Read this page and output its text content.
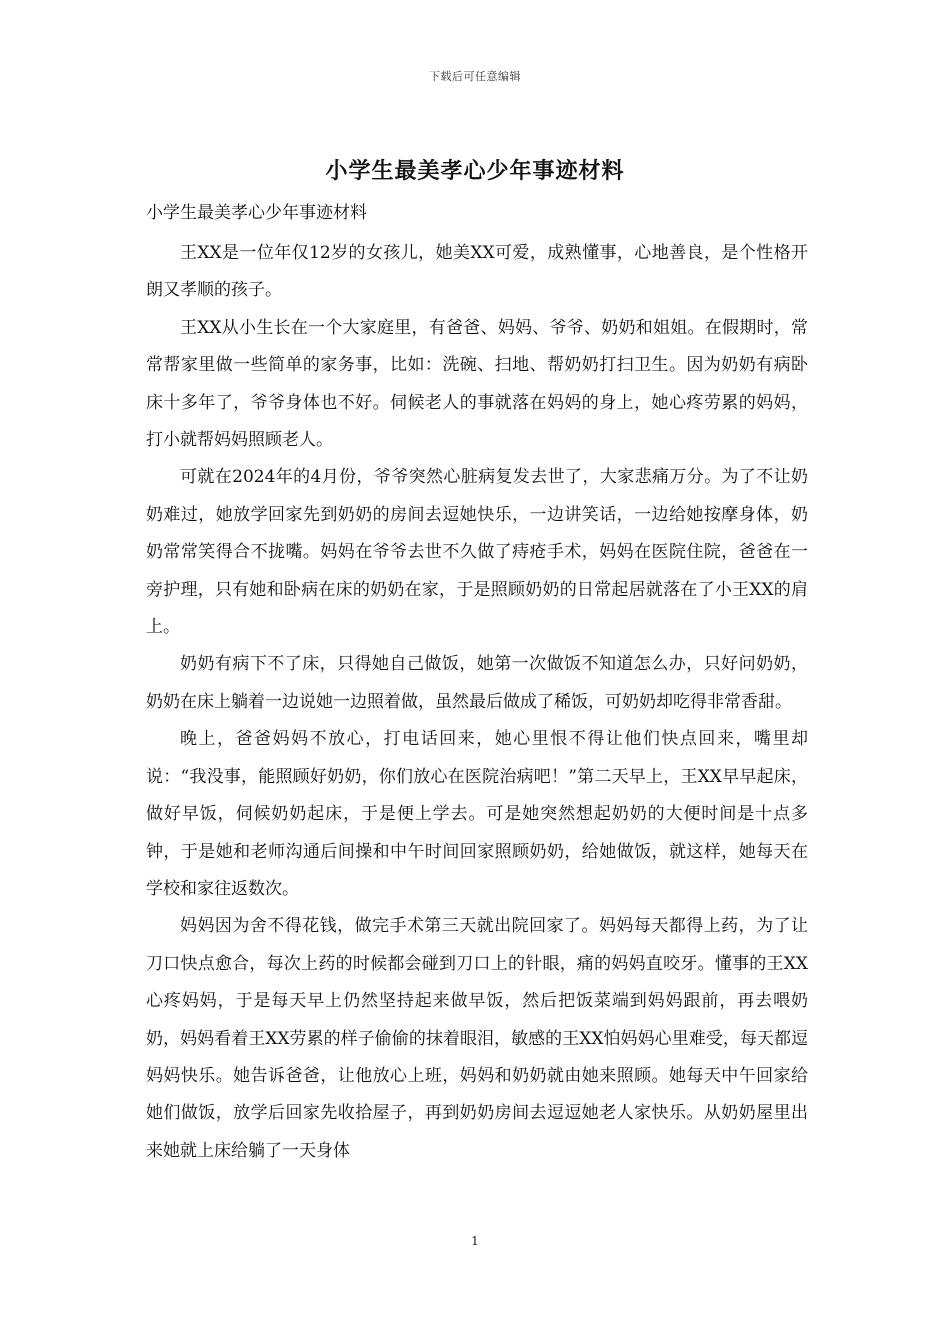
下载后可任意编辑
小学生最美孝心少年事迹材料
小学生最美孝心少年事迹材料

王XX是一位年仅12岁的女孩儿，她美XX可爱，成熟懂事，心地善良，是个性格开朗又孝顺的孩子。

王XX从小生长在一个大家庭里，有爸爸、妈妈、爷爷、奶奶和姐姐。在假期时，常常帮家里做一些简单的家务事，比如：洗碗、扫地、帮奶奶打扫卫生。因为奶奶有病卧床十多年了，爷爷身体也不好。伺候老人的事就落在妈妈的身上，她心疼劳累的妈妈，打小就帮妈妈照顾老人。

可就在2024年的4月份，爷爷突然心脏病复发去世了，大家悲痛万分。为了不让奶奶难过，她放学回家先到奶奶的房间去逗她快乐，一边讲笑话，一边给她按摩身体，奶奶常常笑得合不拢嘴。妈妈在爷爷去世不久做了痔疮手术，妈妈在医院住院，爸爸在一旁护理，只有她和卧病在床的奶奶在家，于是照顾奶奶的日常起居就落在了小王XX的肩上。

奶奶有病下不了床，只得她自己做饭，她第一次做饭不知道怎么办，只好问奶奶，奶奶在床上躺着一边说她一边照着做，虽然最后做成了稀饭，可奶奶却吃得非常香甜。

晚上，爸爸妈妈不放心，打电话回来，她心里恨不得让他们快点回来，嘴里却说：“我没事，能照顾好奶奶，你们放心在医院治病吧！”第二天早上，王XX早早起床，做好早饭，伺候奶奶起床，于是便上学去。可是她突然想起奶奶的大便时间是十点多钟，于是她和老师沟通后间操和中午时间回家照顾奶奶，给她做饭，就这样，她每天在学校和家往返数次。

妈妈因为舍不得花钱，做完手术第三天就出院回家了。妈妈每天都得上药，为了让刀口快点愈合，每次上药的时候都会碰到刀口上的针眼，痛的妈妈直咬牙。懂事的王XX心疼妈妈，于是每天早上仍然坚持起来做早饭，然后把饭菜端到妈妈跟前，再去喂奶奶，妈妈看着王XX劳累的样子偷偷的抹着眼泪，敏感的王XX怕妈妈心里难受，每天都逗妈妈快乐。她告诉爸爸，让他放心上班，妈妈和奶奶就由她来照顾。她每天中午回家给她们做饭，放学后回家先收拾屋子，再到奶奶房间去逗逗她老人家快乐。从奶奶屋里出来她就上床给躺了一天身体

1
